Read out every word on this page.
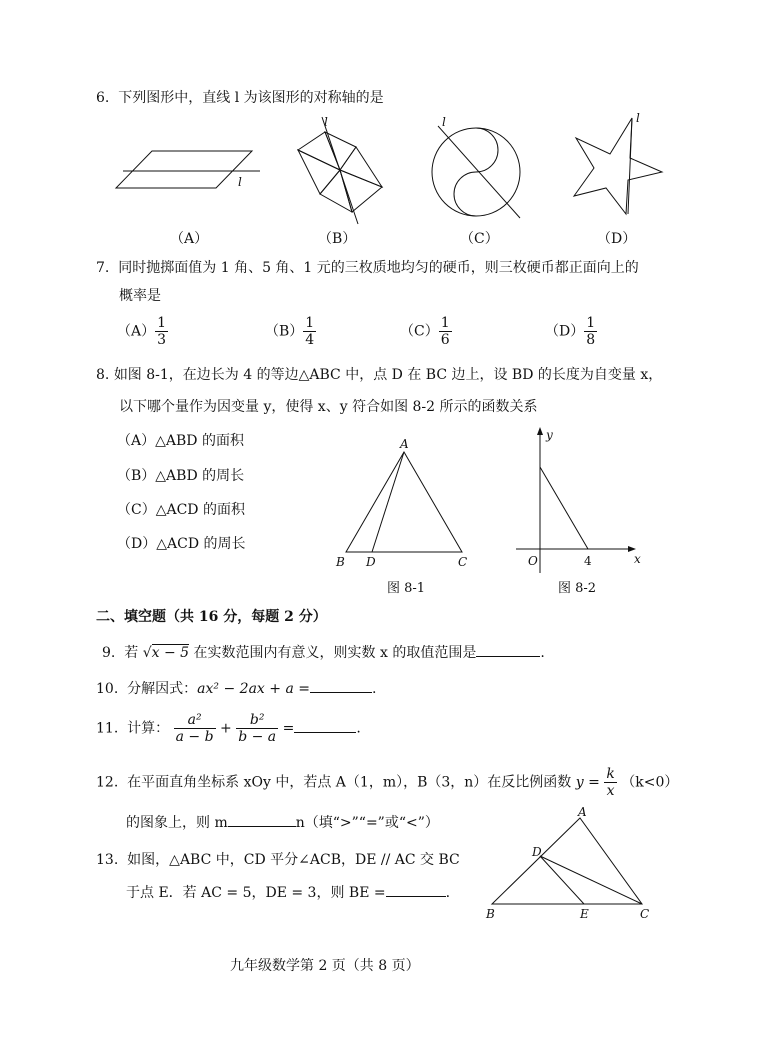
6. 下列图形中，直线 l 为该图形的对称轴的是
l
l	l	l
（A）	（B）	（C）	（D）
7. 同时抛掷面值为 1 角、5 角、1 元的三枚质地均匀的硬币，则三枚硬币都正面向上的
概率是
$(A) \frac{1}{3}$	$(B) \frac{1}{4}$	$(C) \frac{1}{6}$	$(D) \frac{1}{8}$
8. 如图 8-1，在边长为 4 的等边△ABC 中，点 D 在 BC 边上，设 BD 的长度为自变量 x，
以下哪个量作为因变量 y，使得 x、y 符合如图 8-2 所示的函数关系
（A）△ABD 的面积
（B）△ABD 的周长
（C）△ACD 的面积
（D）△ACD 的周长
A
B D	C
图 8-1
y
x
O	4
图 8-2
二、填空题（共 16 分，每题 2 分）
9. 若 √x − 5 在实数范围内有意义，则实数 x 的取值范围是	.
10. 分解因式：ax² − 2ax + a =	.
11. 计算： $\frac{\text{a²}}{a - b} + \frac{\text{b²}}{b - a}$ =	.
12. 在平面直角坐标系 xOy 中，若点 A（1，m），B（3，n）在反比例函数 $y = \frac{k}{x} (k<0)$
的图象上，则 m	n（填“>”“=”或“<”）
13. 如图，△ABC 中，CD 平分∠ACB，DE // AC 交 BC
于点 E．若 AC = 5，DE = 3，则 BE =	.
A
D
B	E	C
九年级数学第 2 页（共 8 页）
